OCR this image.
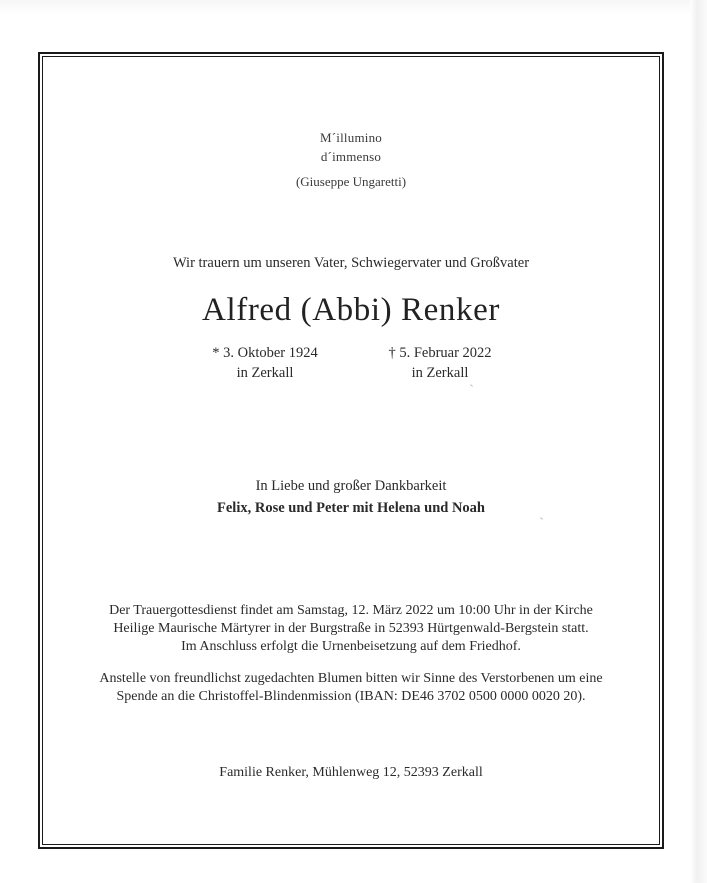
M´illumino
d´immenso
(Giuseppe Ungaretti)
Wir trauern um unseren Vater, Schwiegervater und Großvater
Alfred (Abbi) Renker
* 3. Oktober 1924
in Zerkall
† 5. Februar 2022
in Zerkall
In Liebe und großer Dankbarkeit
Felix, Rose und Peter mit Helena und Noah
Der Trauergottesdienst findet am Samstag, 12. März 2022 um 10:00 Uhr in der Kirche
Heilige Maurische Märtyrer in der Burgstraße in 52393 Hürtgenwald-Bergstein statt.
Im Anschluss erfolgt die Urnenbeisetzung auf dem Friedhof.
Anstelle von freundlichst zugedachten Blumen bitten wir Sinne des Verstorbenen um eine
Spende an die Christoffel-Blindenmission (IBAN: DE46 3702 0500 0000 0020 20).
Familie Renker, Mühlenweg 12, 52393 Zerkall
